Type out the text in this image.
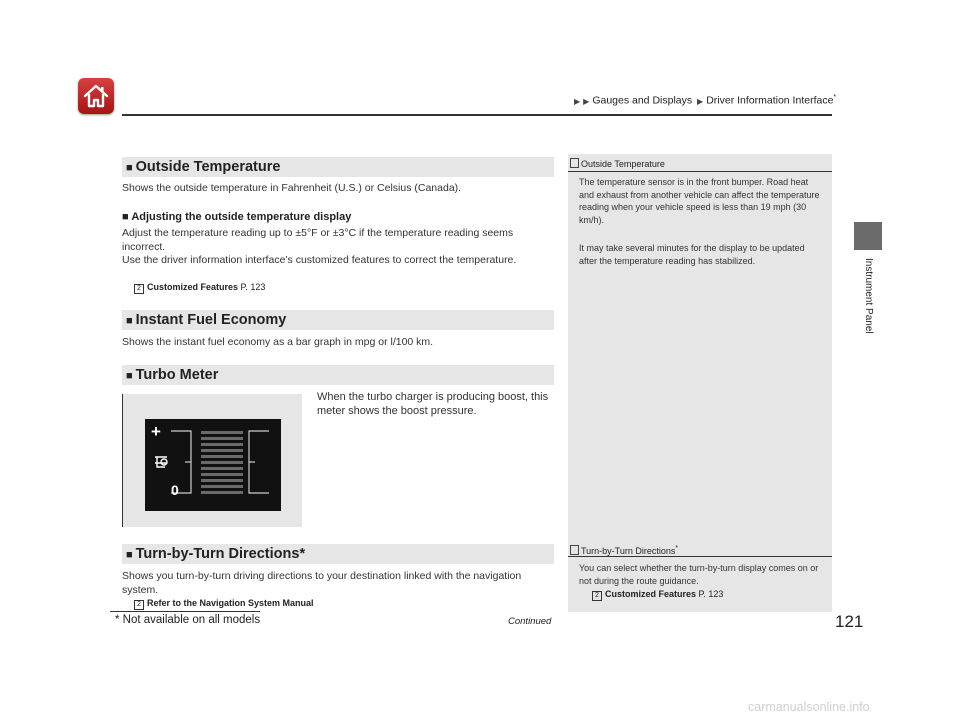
▶ ▶ Gauges and Displays ▶ Driver Information Interface*
Instrument Panel
■ Outside Temperature
Shows the outside temperature in Fahrenheit (U.S.) or Celsius (Canada).
■ Adjusting the outside temperature display
Adjust the temperature reading up to ±5°F or ±3°C if the temperature reading seems incorrect.
Use the driver information interface’s customized features to correct the temperature.
2 Customized Features P. 123
■ Instant Fuel Economy
Shows the instant fuel economy as a bar graph in mpg or l/100 km.
■ Turbo Meter
+
0
When the turbo charger is producing boost, this meter shows the boost pressure.
■ Turn-by-Turn Directions*
Shows you turn-by-turn driving directions to your destination linked with the navigation system.
2 Refer to the Navigation System Manual
Outside Temperature
The temperature sensor is in the front bumper. Road heat and exhaust from another vehicle can affect the temperature reading when your vehicle speed is less than 19 mph (30 km/h).
It may take several minutes for the display to be updated after the temperature reading has stabilized.
Turn-by-Turn Directions*
You can select whether the turn-by-turn display comes on or not during the route guidance.
2 Customized Features P. 123
Continued
* Not available on all models	121
carmanualsonline.info
